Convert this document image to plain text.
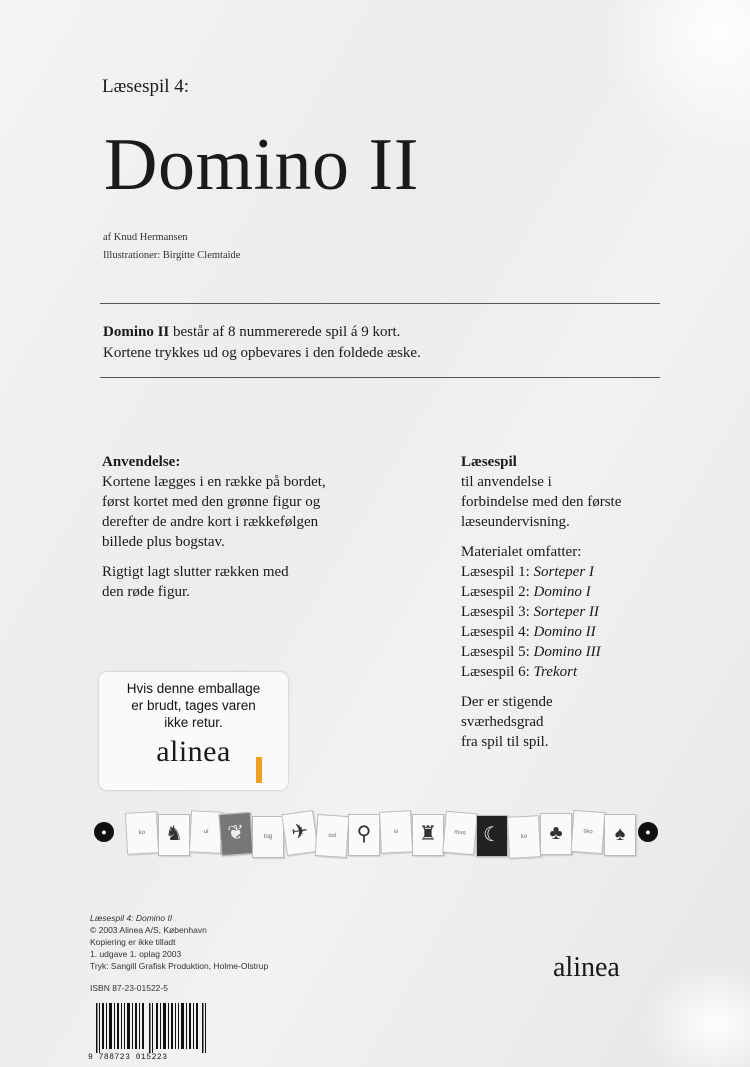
Læsespil 4:
Domino II
af Knud Hermansen
Illustrationer: Birgitte Clemtaide
Domino II består af 8 nummererede spil á 9 kort.
Kortene trykkes ud og opbevares i den foldede æske.

Anvendelse:

Kortene lægges i en række på bordet,

først kortet med den grønne figur og

derefter de andre kort i rækkefølgen

billede plus bogstav.

Rigtigt lagt slutter rækken med

den røde figur.

Læsespil

til anvendelse i

forbindelse med den første

læseundervisning.

Materialet omfatter:

Læsespil 1: Sorteper I

Læsespil 2: Domino I

Læsespil 3: Sorteper II

Læsespil 4: Domino II

Læsespil 5: Domino III

Læsespil 6: Trekort

Der er stigende

sværhedsgrad

fra spil til spil.

Hvis denne emballage
er brudt, tages varen
ikke retur.
alinea
●	ko ♞	ul ❦	tog ✈	sol	⚲	is	♜	mus ☾	ko	♣	sko	♠	●

Læsespil 4: Domino II

© 2003 Alinea A/S, København

Kopiering er ikke tilladt

1. udgave 1. oplag 2003

Tryk: Sangill Grafisk Produktion, Holme-Olstrup

ISBN 87-23-01522-5

9 788723 015223
alinea
